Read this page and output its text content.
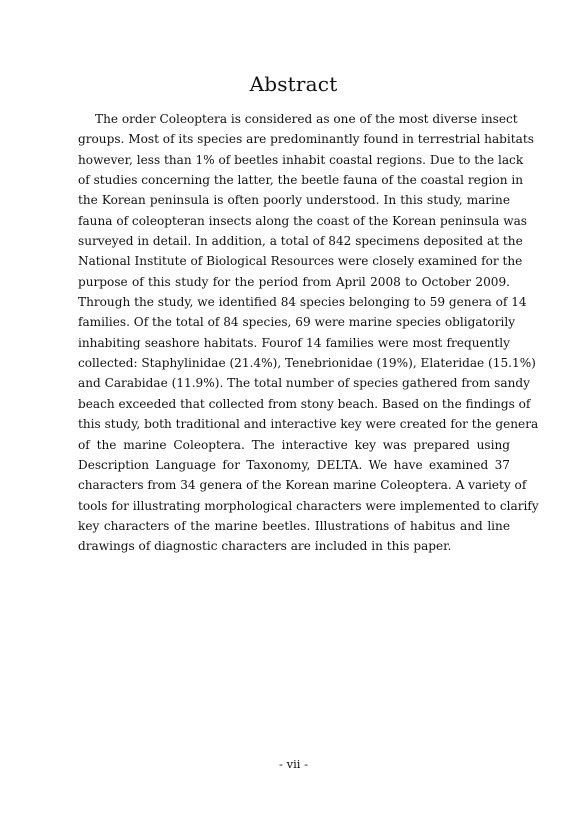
Abstract
The order Coleoptera is considered as one of the most diverse insect
groups. Most of its species are predominantly found in terrestrial habitats
however, less than 1% of beetles inhabit coastal regions. Due to the lack
of studies concerning the latter, the beetle fauna of the coastal region in
the Korean peninsula is often poorly understood. In this study, marine
fauna of coleopteran insects along the coast of the Korean peninsula was
surveyed in detail. In addition, a total of 842 specimens deposited at the
National Institute of Biological Resources were closely examined for the
purpose of this study for the period from April 2008 to October 2009.
Through the study, we identified 84 species belonging to 59 genera of 14
families. Of the total of 84 species, 69 were marine species obligatorily
inhabiting seashore habitats. Fourof 14 families were most frequently
collected: Staphylinidae (21.4%), Tenebrionidae (19%), Elateridae (15.1%)
and Carabidae (11.9%). The total number of species gathered from sandy
beach exceeded that collected from stony beach. Based on the findings of
this study, both traditional and interactive key were created for the genera
of the marine Coleoptera. The interactive key was prepared using
Description Language for Taxonomy, DELTA. We have examined 37
characters from 34 genera of the Korean marine Coleoptera. A variety of
tools for illustrating morphological characters were implemented to clarify
key characters of the marine beetles. Illustrations of habitus and line
drawings of diagnostic characters are included in this paper.
- vii -
